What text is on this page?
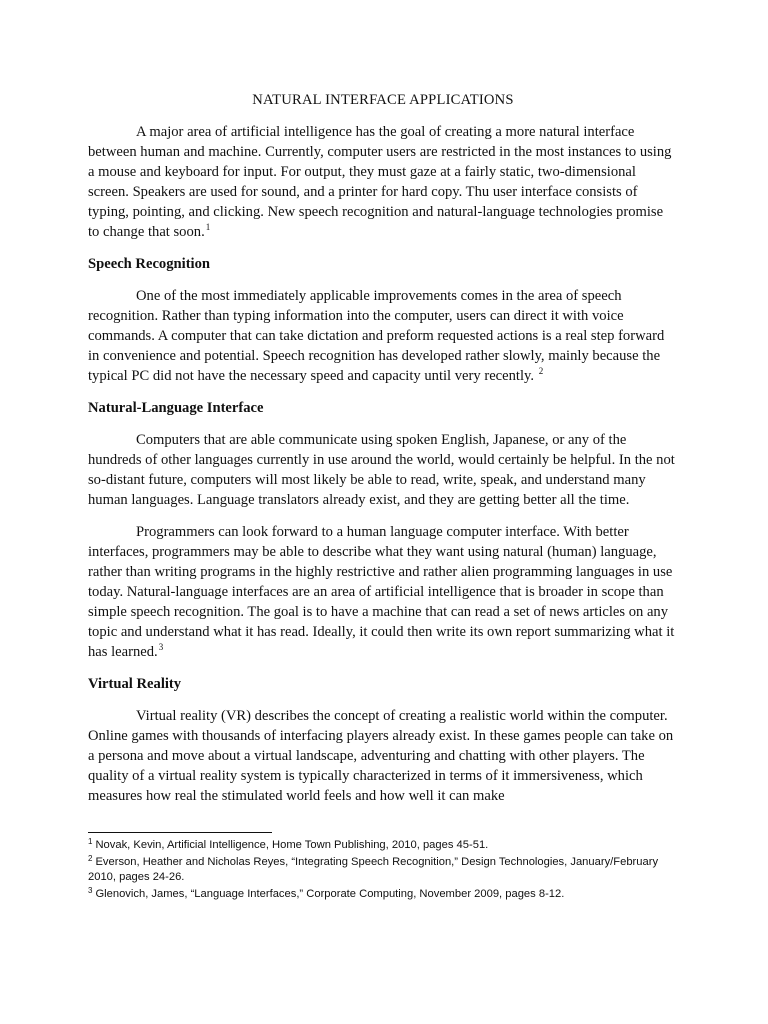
NATURAL INTERFACE APPLICATIONS

A major area of artificial intelligence has the goal of creating a more natural interface between human and machine. Currently, computer users are restricted in the most instances to using a mouse and keyboard for input. For output, they must gaze at a fairly static, two-dimensional screen. Speakers are used for sound, and a printer for hard copy. Thu user interface consists of typing, pointing, and clicking. New speech recognition and natural-language technologies promise to change that soon.$^1$

Speech Recognition

One of the most immediately applicable improvements comes in the area of speech recognition. Rather than typing information into the computer, users can direct it with voice commands. A computer that can take dictation and preform requested actions is a real step forward in convenience and potential. Speech recognition has developed rather slowly, mainly because the typical PC did not have the necessary speed and capacity until very recently. $^2$

Natural-Language Interface

Computers that are able communicate using spoken English, Japanese, or any of the hundreds of other languages currently in use around the world, would certainly be helpful. In the not so-distant future, computers will most likely be able to read, write, speak, and understand many human languages. Language translators already exist, and they are getting better all the time.

Programmers can look forward to a human language computer interface. With better interfaces, programmers may be able to describe what they want using natural (human) language, rather than writing programs in the highly restrictive and rather alien programming languages in use today. Natural-language interfaces are an area of artificial intelligence that is broader in scope than simple speech recognition. The goal is to have a machine that can read a set of news articles on any topic and understand what it has read. Ideally, it could then write its own report summarizing what it has learned.$^3$

Virtual Reality

Virtual reality (VR) describes the concept of creating a realistic world within the computer. Online games with thousands of interfacing players already exist. In these games people can take on a persona and move about a virtual landscape, adventuring and chatting with other players. The quality of a virtual reality system is typically characterized in terms of it immersiveness, which measures how real the stimulated world feels and how well it can make

$^1$ Novak, Kevin, Artificial Intelligence, Home Town Publishing, 2010, pages 45-51.
$^2$ Everson, Heather and Nicholas Reyes, “Integrating Speech Recognition,” Design Technologies, January/February 2010, pages 24-26.
$^3$ Glenovich, James, “Language Interfaces,” Corporate Computing, November 2009, pages 8-12.
